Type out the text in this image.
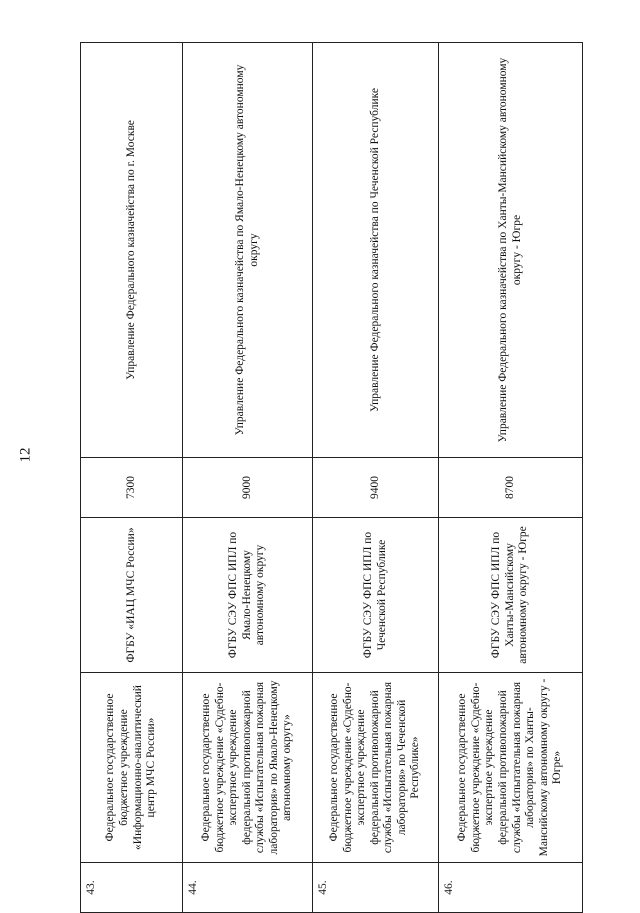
12
43.	Федеральное государственное бюджетное учреждение «Информационно-аналитический центр МЧС России»	ФГБУ «ИАЦ МЧС России»	7300	Управление Федерального казначейства по г. Москве
44.	Федеральное государственное бюджетное учреждение «Судебно-экспертное учреждение федеральной противопожарной службы «Испытательная пожарная лаборатория» по Ямало-Ненецкому автономному округу»	ФГБУ СЭУ ФПС ИПЛ по Ямало-Ненецкому автономному округу	9000	Управление Федерального казначейства по Ямало-Ненецкому автономному округу
45.	Федеральное государственное бюджетное учреждение «Судебно-экспертное учреждение федеральной противопожарной службы «Испытательная пожарная лаборатория» по Чеченской Республике»	ФГБУ СЭУ ФПС ИПЛ по Чеченской Республике	9400	Управление Федерального казначейства по Чеченской Республике
46.	Федеральное государственное бюджетное учреждение «Судебно-экспертное учреждение федеральной противопожарной службы «Испытательная пожарная лаборатория» по Ханты-Мансийскому автономному округу - Югре»	ФГБУ СЭУ ФПС ИПЛ по Ханты-Мансийскому автономному округу - Югре	8700	Управление Федерального казначейства по Ханты-Мансийскому автономному округу - Югре
